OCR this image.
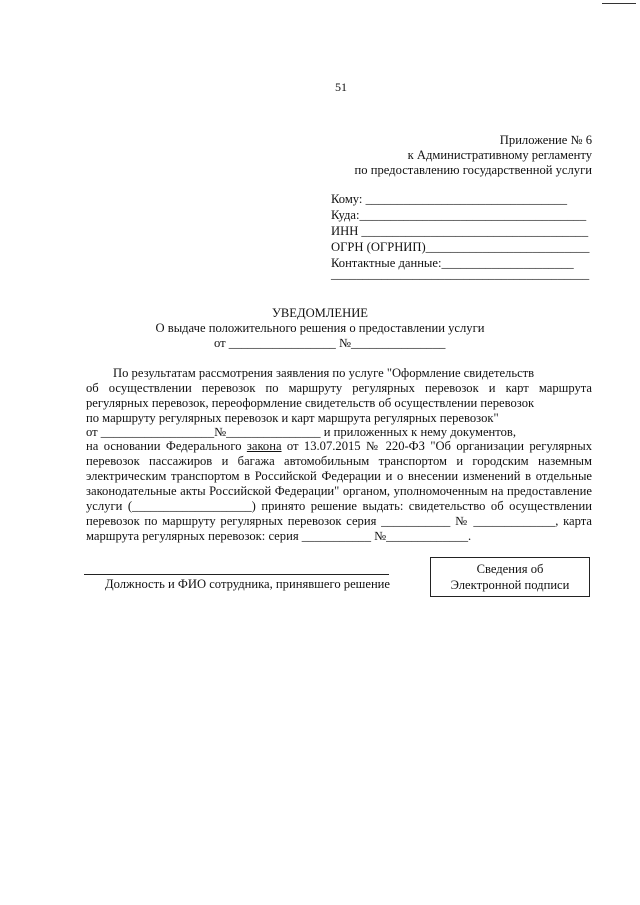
51
Приложение № 6
к Административному регламенту
по предоставлению государственной услуги
Кому: ________________________________
Куда:____________________________________
ИНН ____________________________________
ОГРН (ОГРНИП)__________________________
Контактные данные:_____________________
_________________________________________
УВЕДОМЛЕНИЕ
О выдаче положительного решения о предоставлении услуги
от _________________ №_______________
По результатам рассмотрения заявления по услуге "Оформление свидетельств
об осуществлении перевозок по маршруту регулярных перевозок и карт маршрута
регулярных перевозок, переоформление свидетельств об осуществлении перевозок
по маршруту регулярных перевозок и карт маршрута регулярных перевозок"
от __________________№_______________ и приложенных к нему документов,
на основании Федерального закона от 13.07.2015 № 220-ФЗ "Об организации регулярных
перевозок пассажиров и багажа автомобильным транспортом и городским наземным
электрическим транспортом в Российской Федерации и о внесении изменений в отдельные
законодательные акты Российской Федерации" органом, уполномоченным на предоставление
услуги (___________________) принято решение выдать: свидетельство об осуществлении
перевозок по маршруту регулярных перевозок серия ___________ № _____________, карта
маршрута регулярных перевозок: серия ___________ №_____________.
Должность и ФИО сотрудника, принявшего решение
Сведения об
Электронной подписи
